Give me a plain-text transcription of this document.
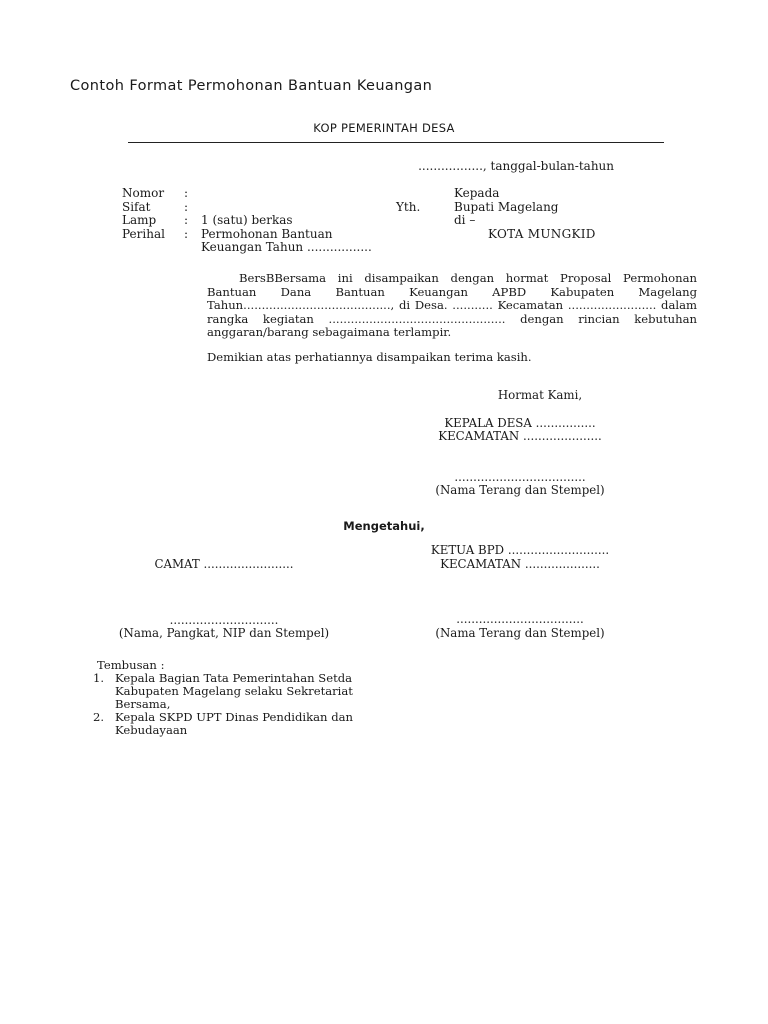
Contoh Format Permohonan Bantuan Keuangan
KOP PEMERINTAH DESA
................., tanggal-bulan-tahun
Nomor	:	
Sifat	:	
Lamp	:	1 (satu) berkas
Perihal	:	Permohonan Bantuan
		Keuangan Tahun .................
Kepada
Yth.	Bupati Magelang
di –
KOTA MUNGKID
BersBBersama ini disampaikan dengan hormat Proposal Permohonan Bantuan Dana Bantuan Keuangan APBD Kabupaten Magelang Tahun........................................, di Desa. ........... Kecamatan ........................ dalam rangka kegiatan ................................................ dengan rincian kebutuhan anggaran/barang sebagaimana terlampir.
Demikian atas perhatiannya disampaikan terima kasih.
Hormat Kami,
KEPALA DESA ................
KECAMATAN .....................
...................................
(Nama Terang dan Stempel)
Mengetahui,
KETUA BPD ...........................
KECAMATAN ....................
..................................
(Nama Terang dan Stempel)
CAMAT ........................
.............................
(Nama, Pangkat, NIP dan Stempel)
Tembusan :
1. Kepala Bagian Tata Pemerintahan Setda Kabupaten Magelang selaku Sekretariat Bersama,
2. Kepala SKPD UPT Dinas Pendidikan dan Kebudayaan
